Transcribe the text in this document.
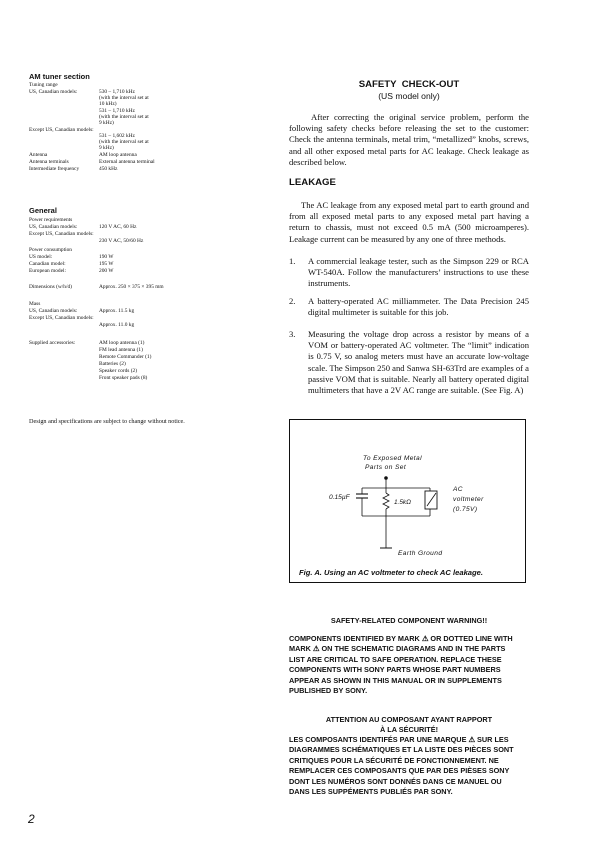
AM tuner section
Tuning range
US, Canadian models:	530 – 1,710 kHz
(with the interval set at
10 kHz)
531 – 1,710 kHz
(with the interval set at
9 kHz)
Except US, Canadian models:
531 – 1,602 kHz
(with the interval set at
9 kHz)
Antenna	AM loop antenna
Antenna terminals	External antenna terminal
Intermediate frequency	450 kHz
General
Power requirements
US, Canadian models:	120 V AC, 60 Hz
Except US, Canadian models:
230 V AC, 50/60 Hz
Power consumption
US model:	190 W
Canadian model:	195 W
European model:	200 W
Dimensions (w/h/d)	Approx. 250 × 375 × 395 mm
Mass
US, Canadian models:	Approx. 11.5 kg
Except US, Canadian models:
Approx. 11.0 kg
Supplied accessories:	AM loop antenna (1)
FM lead antenna (1)
Remote Commander (1)
Batteries (2)
Speaker cords (2)
Front speaker pads (8)
Design and specifications are subject to change without notice.
SAFETY  CHECK-OUT
(US model only)
After correcting the original service problem, perform the following safety checks before releasing the set to the customer: Check the antenna terminals, metal trim, “metallized” knobs, screws, and all other exposed metal parts for AC leakage. Check leakage as described below.
LEAKAGE
The AC leakage from any exposed metal part to earth ground and from all exposed metal parts to any exposed metal part having a return to chassis, must not exceed 0.5 mA (500 microamperes). Leakage current can be measured by any one of three methods.
1. A commercial leakage tester, such as the Simpson 229 or RCA WT-540A. Follow the manufacturers’ instructions to use these instruments.
2. A battery-operated AC milliammeter. The Data Precision 245 digital multimeter is suitable for this job.
3. Measuring the voltage drop across a resistor by means of a VOM or battery-operated AC voltmeter. The “limit” indication is 0.75 V, so analog meters must have an accurate low-voltage scale. The Simpson 250 and Sanwa SH-63Trd are examples of a passive VOM that is suitable. Nearly all battery operated digital multimeters that have a 2V AC range are suitable. (See Fig. A)
To Exposed Metal
Parts on Set
0.15µF
1.5kΩ
AC
voltmeter
(0.75V)
Earth Ground
Fig. A. Using an AC voltmeter to check AC leakage.
SAFETY-RELATED COMPONENT WARNING!!
COMPONENTS IDENTIFIED BY MARK ⚠ OR DOTTED LINE WITH
MARK ⚠ ON THE SCHEMATIC DIAGRAMS AND IN THE PARTS
LIST ARE CRITICAL TO SAFE OPERATION. REPLACE THESE
COMPONENTS WITH SONY PARTS WHOSE PART NUMBERS
APPEAR AS SHOWN IN THIS MANUAL OR IN SUPPLEMENTS
PUBLISHED BY SONY.
ATTENTION AU COMPOSANT AYANT RAPPORT
À LA SÉCURITÉ!
LES COMPOSANTS IDENTIFÉS PAR UNE MARQUE ⚠ SUR LES
DIAGRAMMES SCHÉMATIQUES ET LA LISTE DES PIÈCES SONT
CRITIQUES POUR LA SÉCURITÉ DE FONCTIONNEMENT. NE
REMPLACER CES COMPOSANTS QUE PAR DES PIÈSES SONY
DONT LES NUMÉROS SONT DONNÉS DANS CE MANUEL OU
DANS LES SUPPÉMENTS PUBLIÉS PAR SONY.
2
